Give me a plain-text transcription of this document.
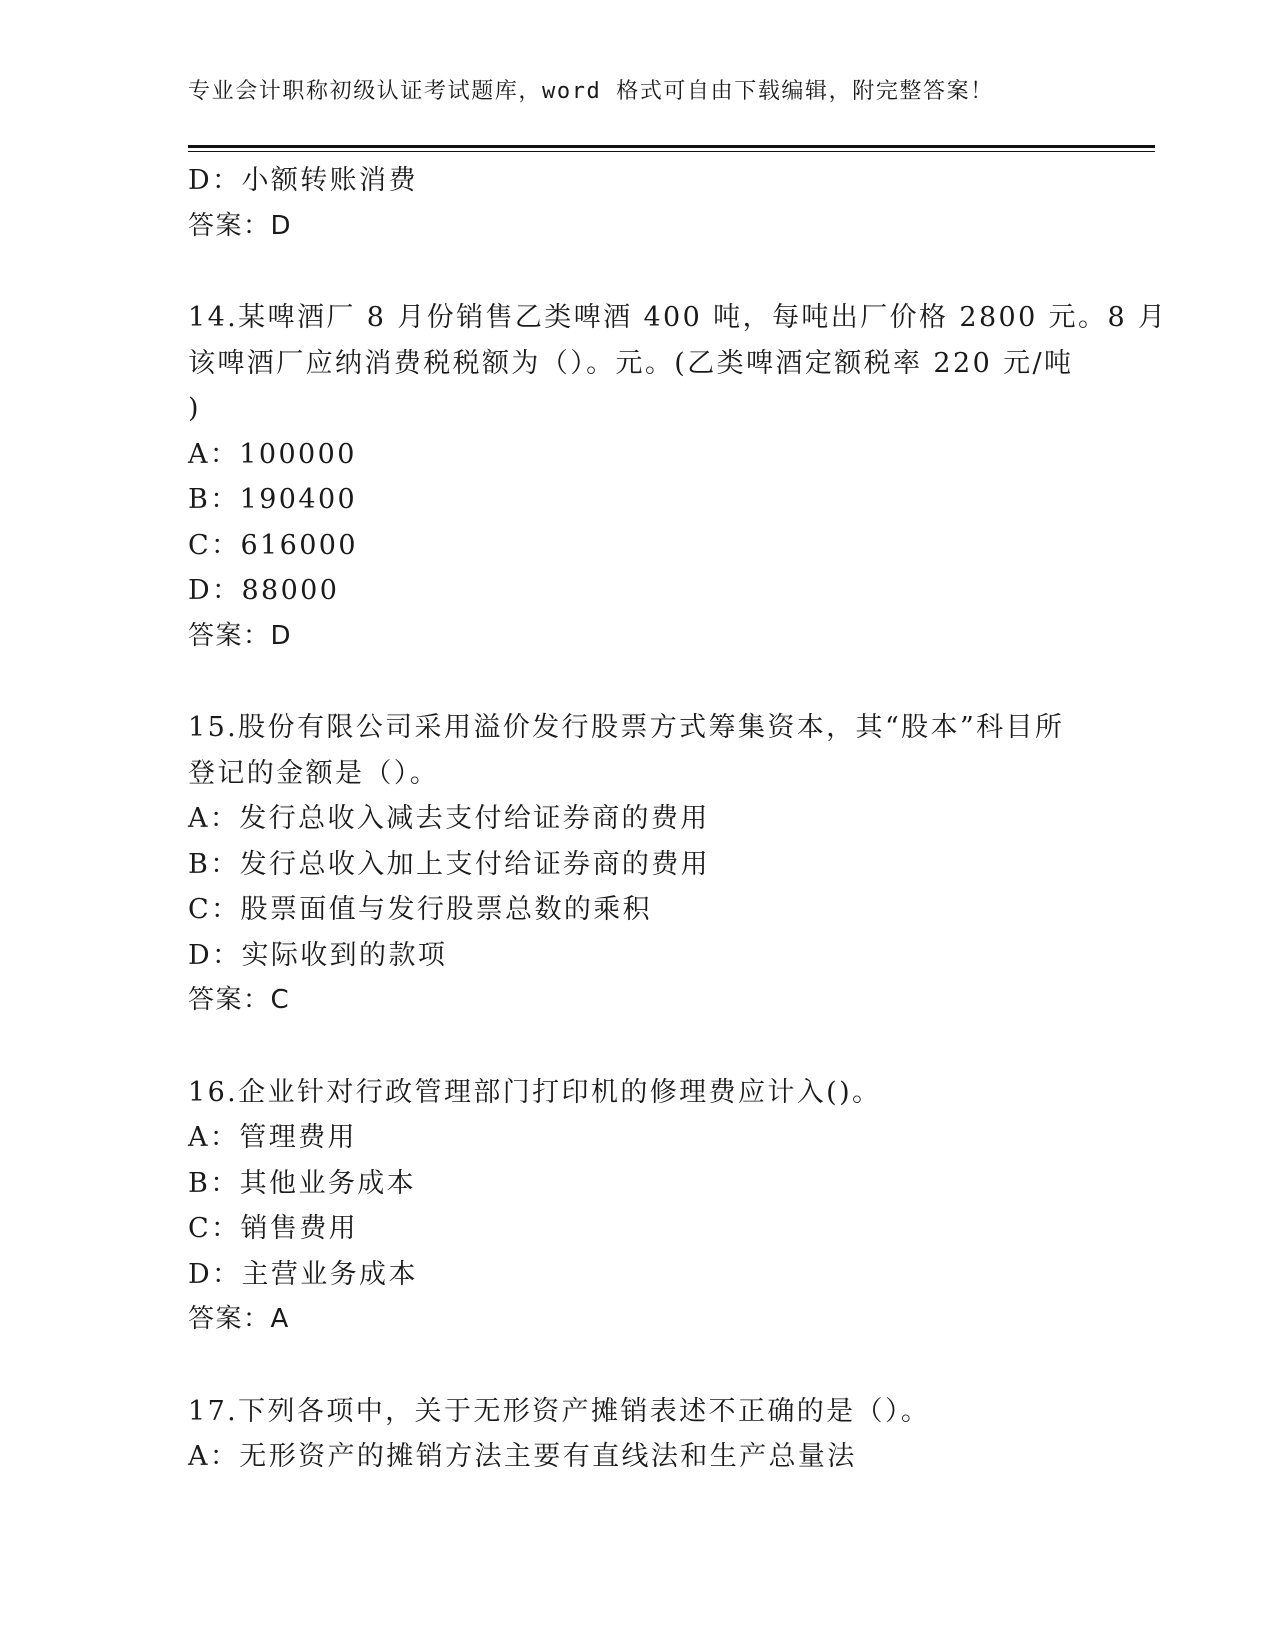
专业会计职称初级认证考试题库，word 格式可自由下载编辑，附完整答案！
D：小额转账消费
答案：D
14.某啤酒厂 8 月份销售乙类啤酒 400 吨，每吨出厂价格 2800 元。8 月
该啤酒厂应纳消费税税额为（）。元。(乙类啤酒定额税率 220 元/吨
)
A：100000
B：190400
C：616000
D：88000
答案：D
15.股份有限公司采用溢价发行股票方式筹集资本，其“股本”科目所
登记的金额是（）。
A：发行总收入减去支付给证券商的费用
B：发行总收入加上支付给证券商的费用
C：股票面值与发行股票总数的乘积
D：实际收到的款项
答案：C
16.企业针对行政管理部门打印机的修理费应计入()。
A：管理费用
B：其他业务成本
C：销售费用
D：主营业务成本
答案：A
17.下列各项中，关于无形资产摊销表述不正确的是（）。
A：无形资产的摊销方法主要有直线法和生产总量法
